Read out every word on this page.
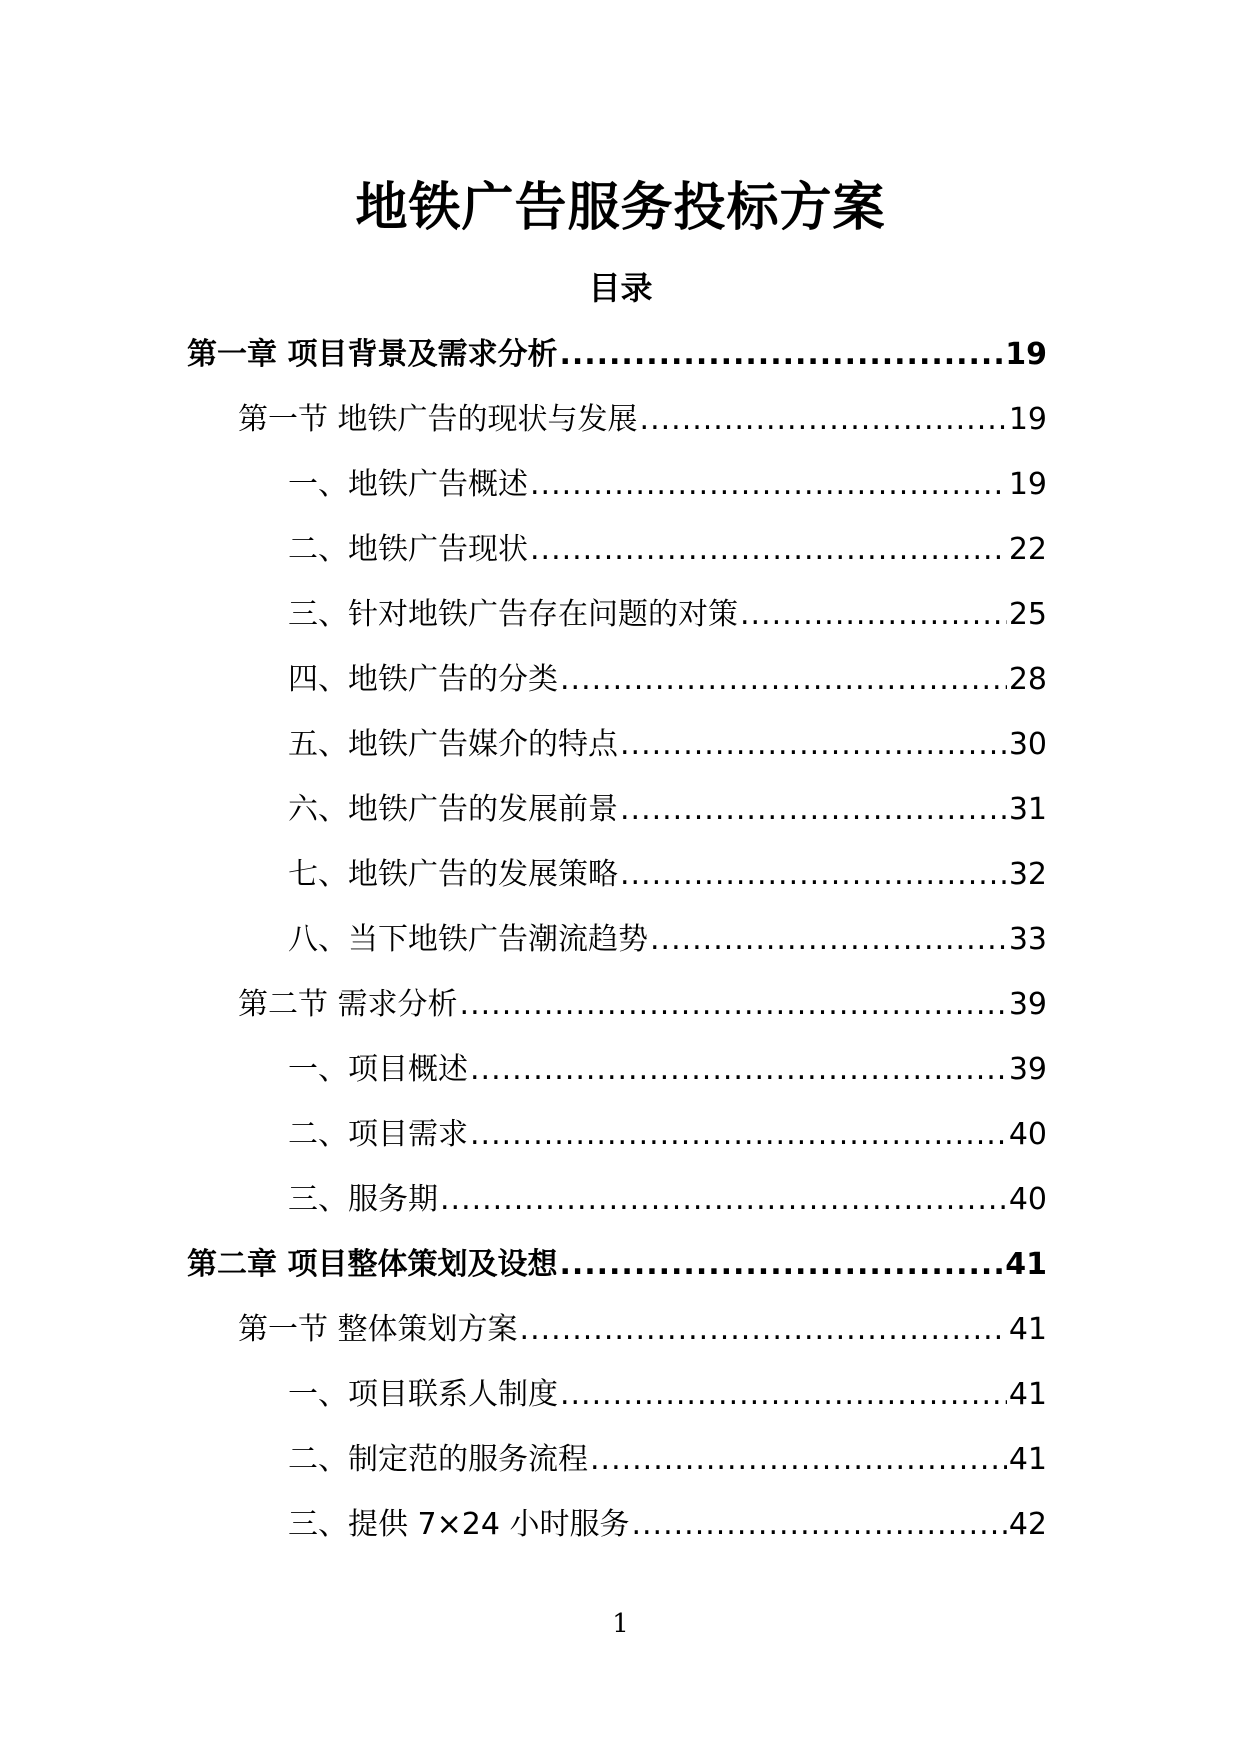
地铁广告服务投标方案
目录
第一章 项目背景及需求分析 .....	19
第一节 地铁广告的现状与发展 .....	19
一、地铁广告概述 .....	19
二、地铁广告现状 .....	22
三、针对地铁广告存在问题的对策 .....	25
四、地铁广告的分类 .....	28
五、地铁广告媒介的特点 .....	30
六、地铁广告的发展前景 .....	31
七、地铁广告的发展策略 .....	32
八、当下地铁广告潮流趋势 .....	33
第二节 需求分析 .....	39
一、项目概述 .....	39
二、项目需求 .....	40
三、服务期 .....	40
第二章 项目整体策划及设想 .....	41
第一节 整体策划方案 .....	41
一、项目联系人制度 .....	41
二、制定范的服务流程 .....	41
三、提供 7×24 小时服务 .....	42
1
